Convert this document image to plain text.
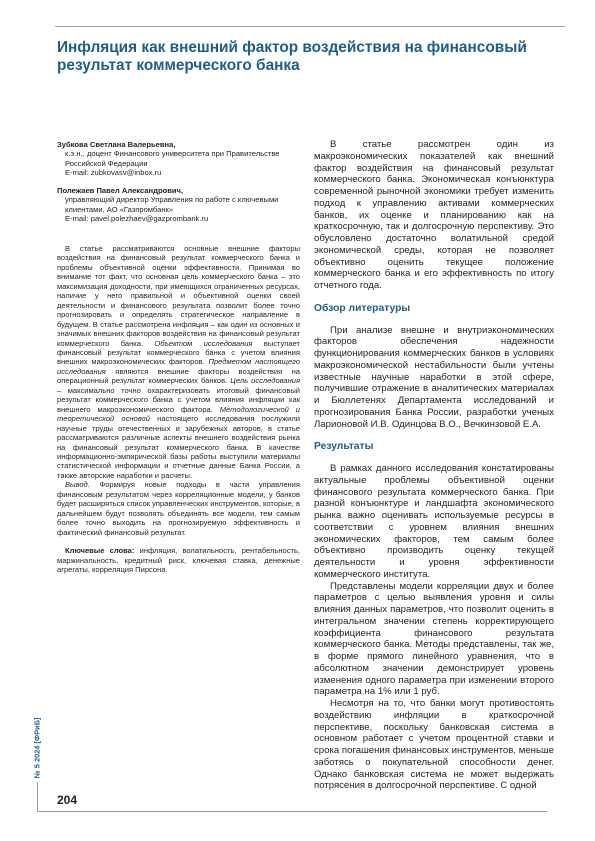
Инфляция как внешний фактор воздействия на финансовый результат коммерческого банка
Зубкова Светлана Валерьевна,
к.э.н., доцент Финансового университета при Правительстве
Российской Федерации
E-mail: zubkovasv@inbox.ru
Полежаев Павел Александрович,
управляющий директор Управления по работе с ключевыми
клиентами, АО «Газпромбанк»
E-mail: pavel.polezhaev@gazprombank.ru

В статье рассматриваются основные внешние факторы воздействия на финансовый результат коммерческого банка и проблемы объективной оценки эффективности. Принимая во внимание тот факт, что основная цель коммерческого банка – это максимизация доходности, при имеющихся ограниченных ресурсах, наличие у него правильной и объективной оценки своей деятельности и финансового результата позволит более точно прогнозировать и определять стратегическое направление в будущем. В статье рассмотрена инфляция – как один из основных и значимых внешних факторов воздействия на финансовый результат коммерческого банка. Объектом исследования выступает финансовый результат коммерческого банка с учетом влияния внешних макроэкономических факторов. Предметом настоящего исследования являются внешние факторы воздействия на операционный результат коммерческих банков. Цель исследования – максимально точно охарактеризовать итоговый финансовый результат коммерческого банка с учетом влияния инфляции как внешнего макроэкономического фактора. Методологической и теоретической основой настоящего исследования послужили научные труды отечественных и зарубежных авторов, в статье рассматриваются различные аспекты внешнего воздействия рынка на финансовый результат коммерческого банка. В качестве информационно-эмпирической базы работы выступили материалы статистической информации и отчетные данные Банка России, а также авторские наработки и расчеты.

Вывод. Формируя новые подходы в части управления финансовым результатом через корреляционные модели, у банков будет расширяться список управленческих инструментов, которые, в дальнейшем будут позволять объединять все модели, тем самым более точно выходить на прогнозируемую эффективность и фактический финансовый результат.

Ключевые слова: инфляция, волатильность, рентабельность, маржинальность, кредитный риск, ключевая ставка, денежные агрегаты, корреляция Пирсона.

В статье рассмотрен один из макроэкономических показателей как внешний фактор воздействия на финансовый результат коммерческого банка. Экономическая конъюнктура современной рыночной экономики требует изменить подход к управлению активами коммерческих банков, их оценке и планированию как на краткосрочную, так и долгосрочную перспективу. Это обусловлено достаточно волатильной средой экономической среды, которая не позволяет объективно оценить текущее положение коммерческого банка и его эффективность по итогу отчетного года.

Обзор литературы

При анализе внешне и внутриэкономических факторов обеспечения надежности функционирования коммерческих банков в условиях макроэкономической нестабильности были учтены известные научные наработки в этой сфере, получившие отражение в аналитических материалах и Бюллетенях Департамента исследований и прогнозирования Банка России, разработки ученых Ларионовой И.В. Одинцова В.О., Вечкинзовой Е.А.

Результаты

В рамках данного исследования констатированы актуальные проблемы объективной оценки финансового результата коммерческого банка. При разной конъюнктуре и ландшафта экономического рынка важно оценивать используемые ресурсы в соответствии с уровнем влияния внешних экономических факторов, тем самым более объективно производить оценку текущей деятельности и уровня эффективности коммерческого института.

Представлены модели корреляции двух и более параметров с целью выявления уровня и силы влияния данных параметров, что позволит оценить в интегральном значении степень корректирующего коэффициента финансового результата коммерческого банка. Методы представлены, так же, в форме прямого линейного уравнения, что в абсолютном значении демонстрирует уровень изменения одного параметра при изменении второго параметра на 1% или 1 руб.

Несмотря на то, что банки могут противостоять воздействию инфляции в краткосрочной перспективе, поскольку банковская система в основном работает с учетом процентной ставки и срока погашения финансовых инструментов, меньше заботясь о покупательной способности денег. Однако банковская система не может выдержать потрясения в долгосрочной перспективе. С одной

№ 5 2024 [ФРиБ]
204
